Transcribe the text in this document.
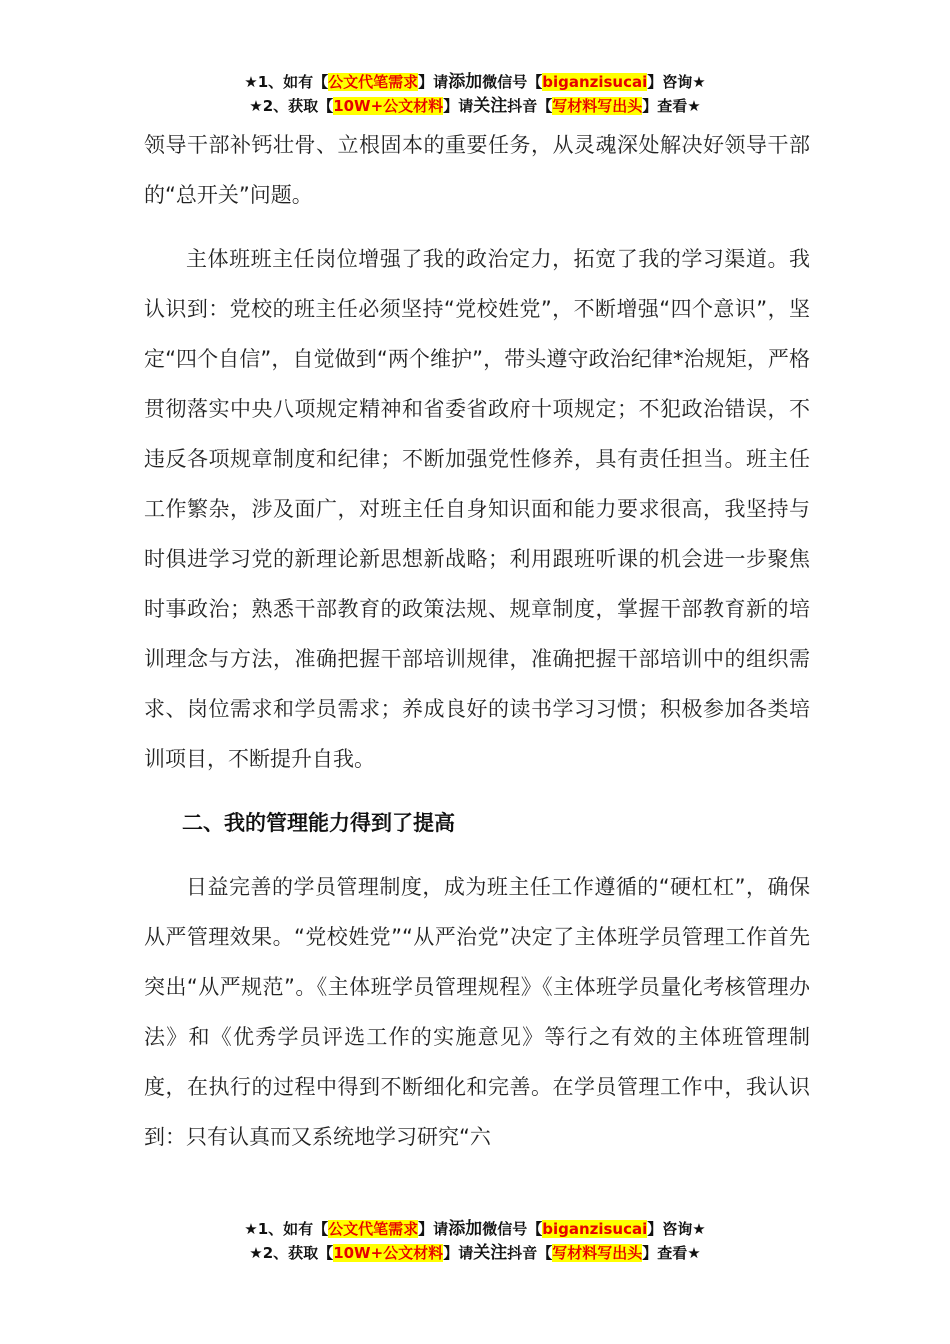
★1、如有【公文代笔需求】请添加微信号【biganzisucai】咨询★
★2、获取【10W+公文材料】请关注抖音【写材料写出头】查看★

领导干部补钙壮骨、立根固本的重要任务，从灵魂深处解决好领导干部的“总开关”问题。

主体班班主任岗位增强了我的政治定力，拓宽了我的学习渠道。我认识到：党校的班主任必须坚持“党校姓党”，不断增强“四个意识”，坚定“四个自信”，自觉做到“两个维护”，带头遵守政治纪律*治规矩，严格贯彻落实中央八项规定精神和省委省政府十项规定；不犯政治错误，不违反各项规章制度和纪律；不断加强党性修养，具有责任担当。班主任工作繁杂，涉及面广，对班主任自身知识面和能力要求很高，我坚持与时俱进学习党的新理论新思想新战略；利用跟班听课的机会进一步聚焦时事政治；熟悉干部教育的政策法规、规章制度，掌握干部教育新的培训理念与方法，准确把握干部培训规律，准确把握干部培训中的组织需求、岗位需求和学员需求；养成良好的读书学习习惯；积极参加各类培训项目，不断提升自我。

二、我的管理能力得到了提高

日益完善的学员管理制度，成为班主任工作遵循的“硬杠杠”，确保从严管理效果。“党校姓党”“从严治党”决定了主体班学员管理工作首先突出“从严规范”。《主体班学员管理规程》《主体班学员量化考核管理办法》和《优秀学员评选工作的实施意见》等行之有效的主体班管理制度，在执行的过程中得到不断细化和完善。在学员管理工作中，我认识到：只有认真而又系统地学习研究“六

★1、如有【公文代笔需求】请添加微信号【biganzisucai】咨询★
★2、获取【10W+公文材料】请关注抖音【写材料写出头】查看★
